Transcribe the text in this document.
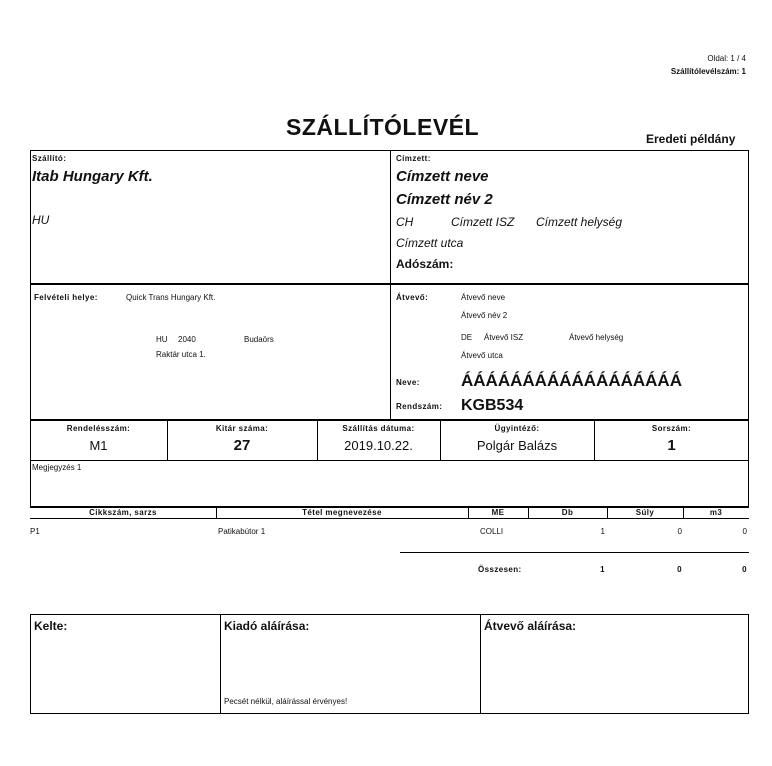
Oldal: 1 / 4
Szállítólevélszám: 1
SZÁLLÍTÓLEVÉL	Eredeti példány
Szállító:
Itab Hungary Kft.
HU
Címzett:
Címzett neve
Címzett név 2
CH	Címzett ISZ Címzett helység
Címzett utca
Adószám:
Felvételi helye:	Quick Trans Hungary Kft.
HU 2040	Budaörs
Raktár utca 1.
Átvevő:	Átvevő neve
Átvevő név 2
DE Átvevő ISZ	Átvevő helység
Átvevő utca
Neve: ÁÁÁÁÁÁÁÁÁÁÁÁÁÁÁÁÁÁ
Rendszám: KGB534
Rendelésszám:
M1
Kitár száma:
27
Szállítás dátuma:
2019.10.22.
Ügyintéző:
Polgár Balázs
Sorszám:
1
Megjegyzés 1
Cikkszám, sarzs	Tétel megnevezése	ME	Db	Súly	m3
P1	Patikabútor 1	COLLI	1	0	0
Összesen:	1	0	0
Kelte:	Kiadó aláírása:
Pecsét nélkül, aláírással érvényes!
Átvevő aláírása:
